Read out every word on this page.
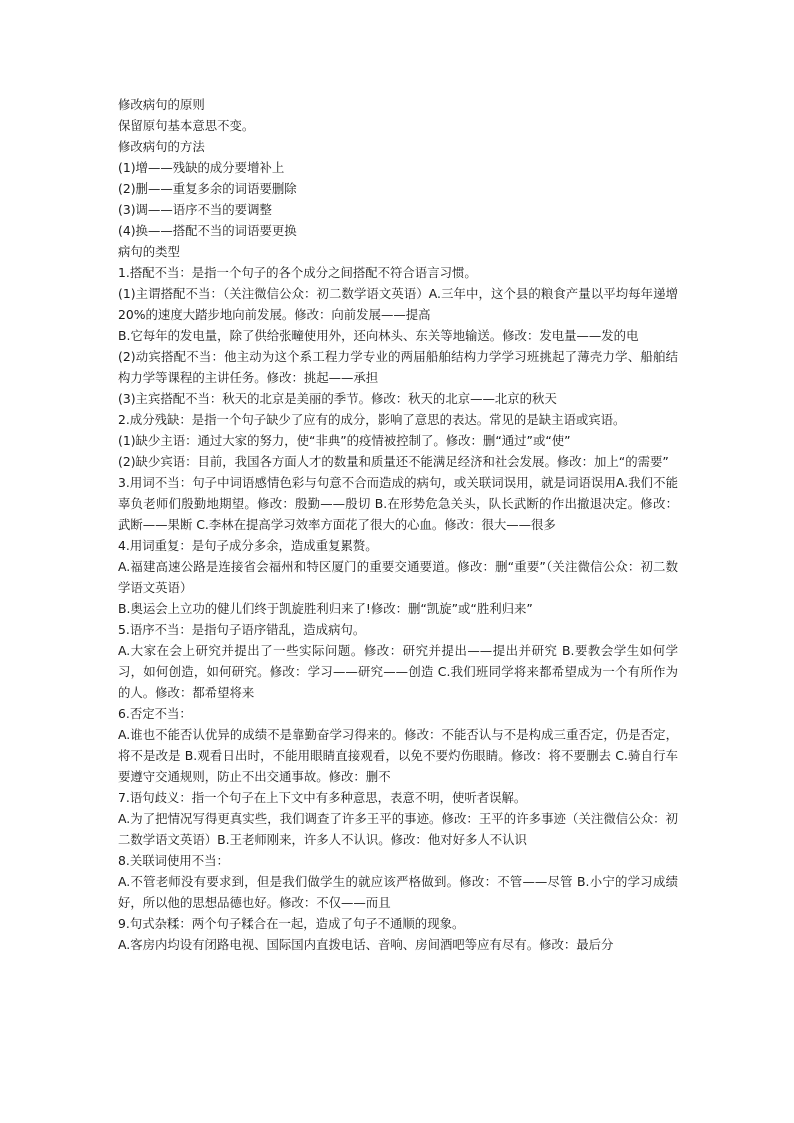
修改病句的原则

保留原句基本意思不变。

修改病句的方法

(1)增——残缺的成分要增补上

(2)删——重复多余的词语要删除

(3)调——语序不当的要调整

(4)换——搭配不当的词语要更换

病句的类型

1.搭配不当：是指一个句子的各个成分之间搭配不符合语言习惯。

(1)主谓搭配不当：（关注微信公众：初二数学语文英语）A.三年中，这个县的粮食产量以平均每年递增 20%的速度大踏步地向前发展。修改：向前发展——提高

B.它每年的发电量，除了供给张疃使用外，还向林头、东关等地输送。修改：发电量——发的电

(2)动宾搭配不当：他主动为这个系工程力学专业的两届船舶结构力学学习班挑起了薄壳力学、船舶结构力学等课程的主讲任务。修改：挑起——承担

(3)主宾搭配不当：秋天的北京是美丽的季节。修改：秋天的北京——北京的秋天

2.成分残缺：是指一个句子缺少了应有的成分，影响了意思的表达。常见的是缺主语或宾语。

(1)缺少主语：通过大家的努力，使“非典”的疫情被控制了。修改：删“通过”或“使”

(2)缺少宾语：目前，我国各方面人才的数量和质量还不能满足经济和社会发展。修改：加上“的需要”

3.用词不当：句子中词语感情色彩与句意不合而造成的病句，或关联词误用，就是词语误用A.我们不能辜负老师们殷勤地期望。修改：殷勤——殷切 B.在形势危急关头，队长武断的作出撤退决定。修改：武断——果断 C.李林在提高学习效率方面花了很大的心血。修改：很大——很多

4.用词重复：是句子成分多余，造成重复累赘。

A.福建高速公路是连接省会福州和特区厦门的重要交通要道。修改：删“重要”（关注微信公众：初二数学语文英语）

B.奥运会上立功的健儿们终于凯旋胜利归来了!修改：删“凯旋”或“胜利归来”

5.语序不当：是指句子语序错乱，造成病句。

A.大家在会上研究并提出了一些实际问题。修改：研究并提出——提出并研究 B.要教会学生如何学习，如何创造，如何研究。修改：学习——研究——创造 C.我们班同学将来都希望成为一个有所作为的人。修改：都希望将来

6.否定不当：

A.谁也不能否认优异的成绩不是靠勤奋学习得来的。修改：不能否认与不是构成三重否定，仍是否定，将不是改是 B.观看日出时，不能用眼睛直接观看，以免不要灼伤眼睛。修改：将不要删去 C.骑自行车要遵守交通规则，防止不出交通事故。修改：删不

7.语句歧义：指一个句子在上下文中有多种意思，表意不明，使听者误解。

A.为了把情况写得更真实些，我们调查了许多王平的事迹。修改：王平的许多事迹（关注微信公众：初二数学语文英语）B.王老师刚来，许多人不认识。修改：他对好多人不认识

8.关联词使用不当：

A.不管老师没有要求到，但是我们做学生的就应该严格做到。修改：不管——尽管 B.小宁的学习成绩好，所以他的思想品德也好。修改：不仅——而且

9.句式杂糅：两个句子糅合在一起，造成了句子不通顺的现象。

A.客房内均设有闭路电视、国际国内直拨电话、音响、房间酒吧等应有尽有。修改：最后分
